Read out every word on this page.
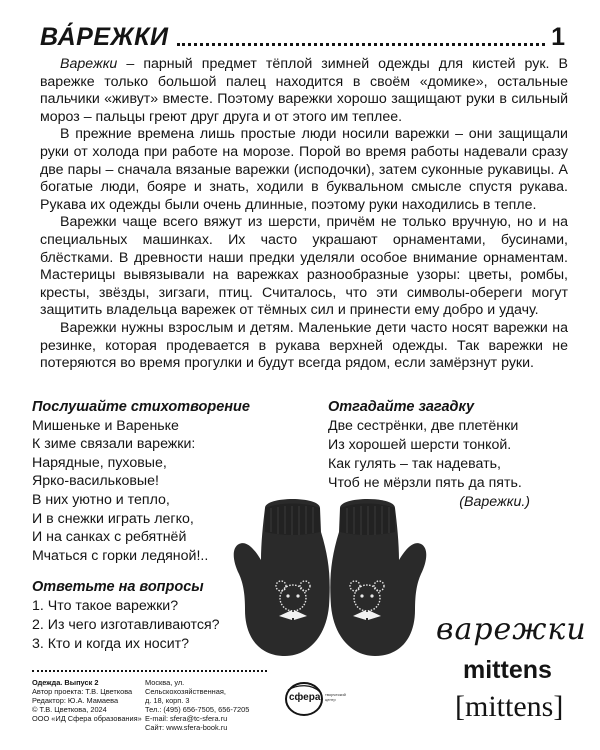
ВА́РЕЖКИ	1

Варежки – парный предмет тёплой зимней одежды для кистей рук. В варежке только большой палец находится в своём «домике», остальные пальчики «живут» вместе. Поэтому варежки хорошо защищают руки в сильный мороз – пальцы греют друг друга и от этого им теплее.

В прежние времена лишь простые люди носили варежки – они защищали руки от холода при работе на морозе. Порой во время работы надевали сразу две пары – сначала вязаные варежки (исподочки), затем суконные рукавицы. А богатые люди, бояре и знать, ходили в буквальном смысле спустя рукава. Рукава их одежды были очень длинные, поэтому руки находились в тепле.

Варежки чаще всего вяжут из шерсти, причём не только вручную, но и на специальных машинках. Их часто украшают орнаментами, бусинами, блёстками. В древности наши предки уделяли особое внимание орнаментам. Мастерицы вывязывали на варежках разнообразные узоры: цветы, ромбы, кресты, звёзды, зигзаги, птиц. Считалось, что эти символы-обереги могут защитить владельца варежек от тёмных сил и принести ему добро и удачу.

Варежки нужны взрослым и детям. Маленькие дети часто носят варежки на резинке, которая продевается в рукава верхней одежды. Так варежки не потеряются во время прогулки и будут всегда рядом, если замёрзнут руки.

Послушайте стихотворение
Мишеньке и Вареньке
К зиме связали варежки:
Нарядные, пуховые,
Ярко-васильковые!
В них уютно и тепло,
И в снежки играть легко,
И на санках с ребятнёй
Мчаться с горки ледяной!..
Ответьте на вопросы
1. Что такое варежки?
2. Из чего изготавливаются?
3. Кто и когда их носит?
Отгадайте загадку
Две сестрёнки, две плетёнки
Из хорошей шерсти тонкой.
Как гулять – так надевать,
Чтоб не мёрзли пять да пять.
(Варежки.)
варежки
mittens
[mittens]
Одежда. Выпуск 2
Автор проекта: Т.В. Цветкова
Редактор: Ю.А. Мамаева
© Т.В. Цветкова, 2024
ООО «ИД Сфера образования»
Москва, ул. Сельскохозяйственная,
д. 18, корп. 3
Тел.: (495) 656-7505, 656-7205
E-mail: sfera@tc-sfera.ru
Сайт: www.sfera-book.ru
сфера творческий центр
